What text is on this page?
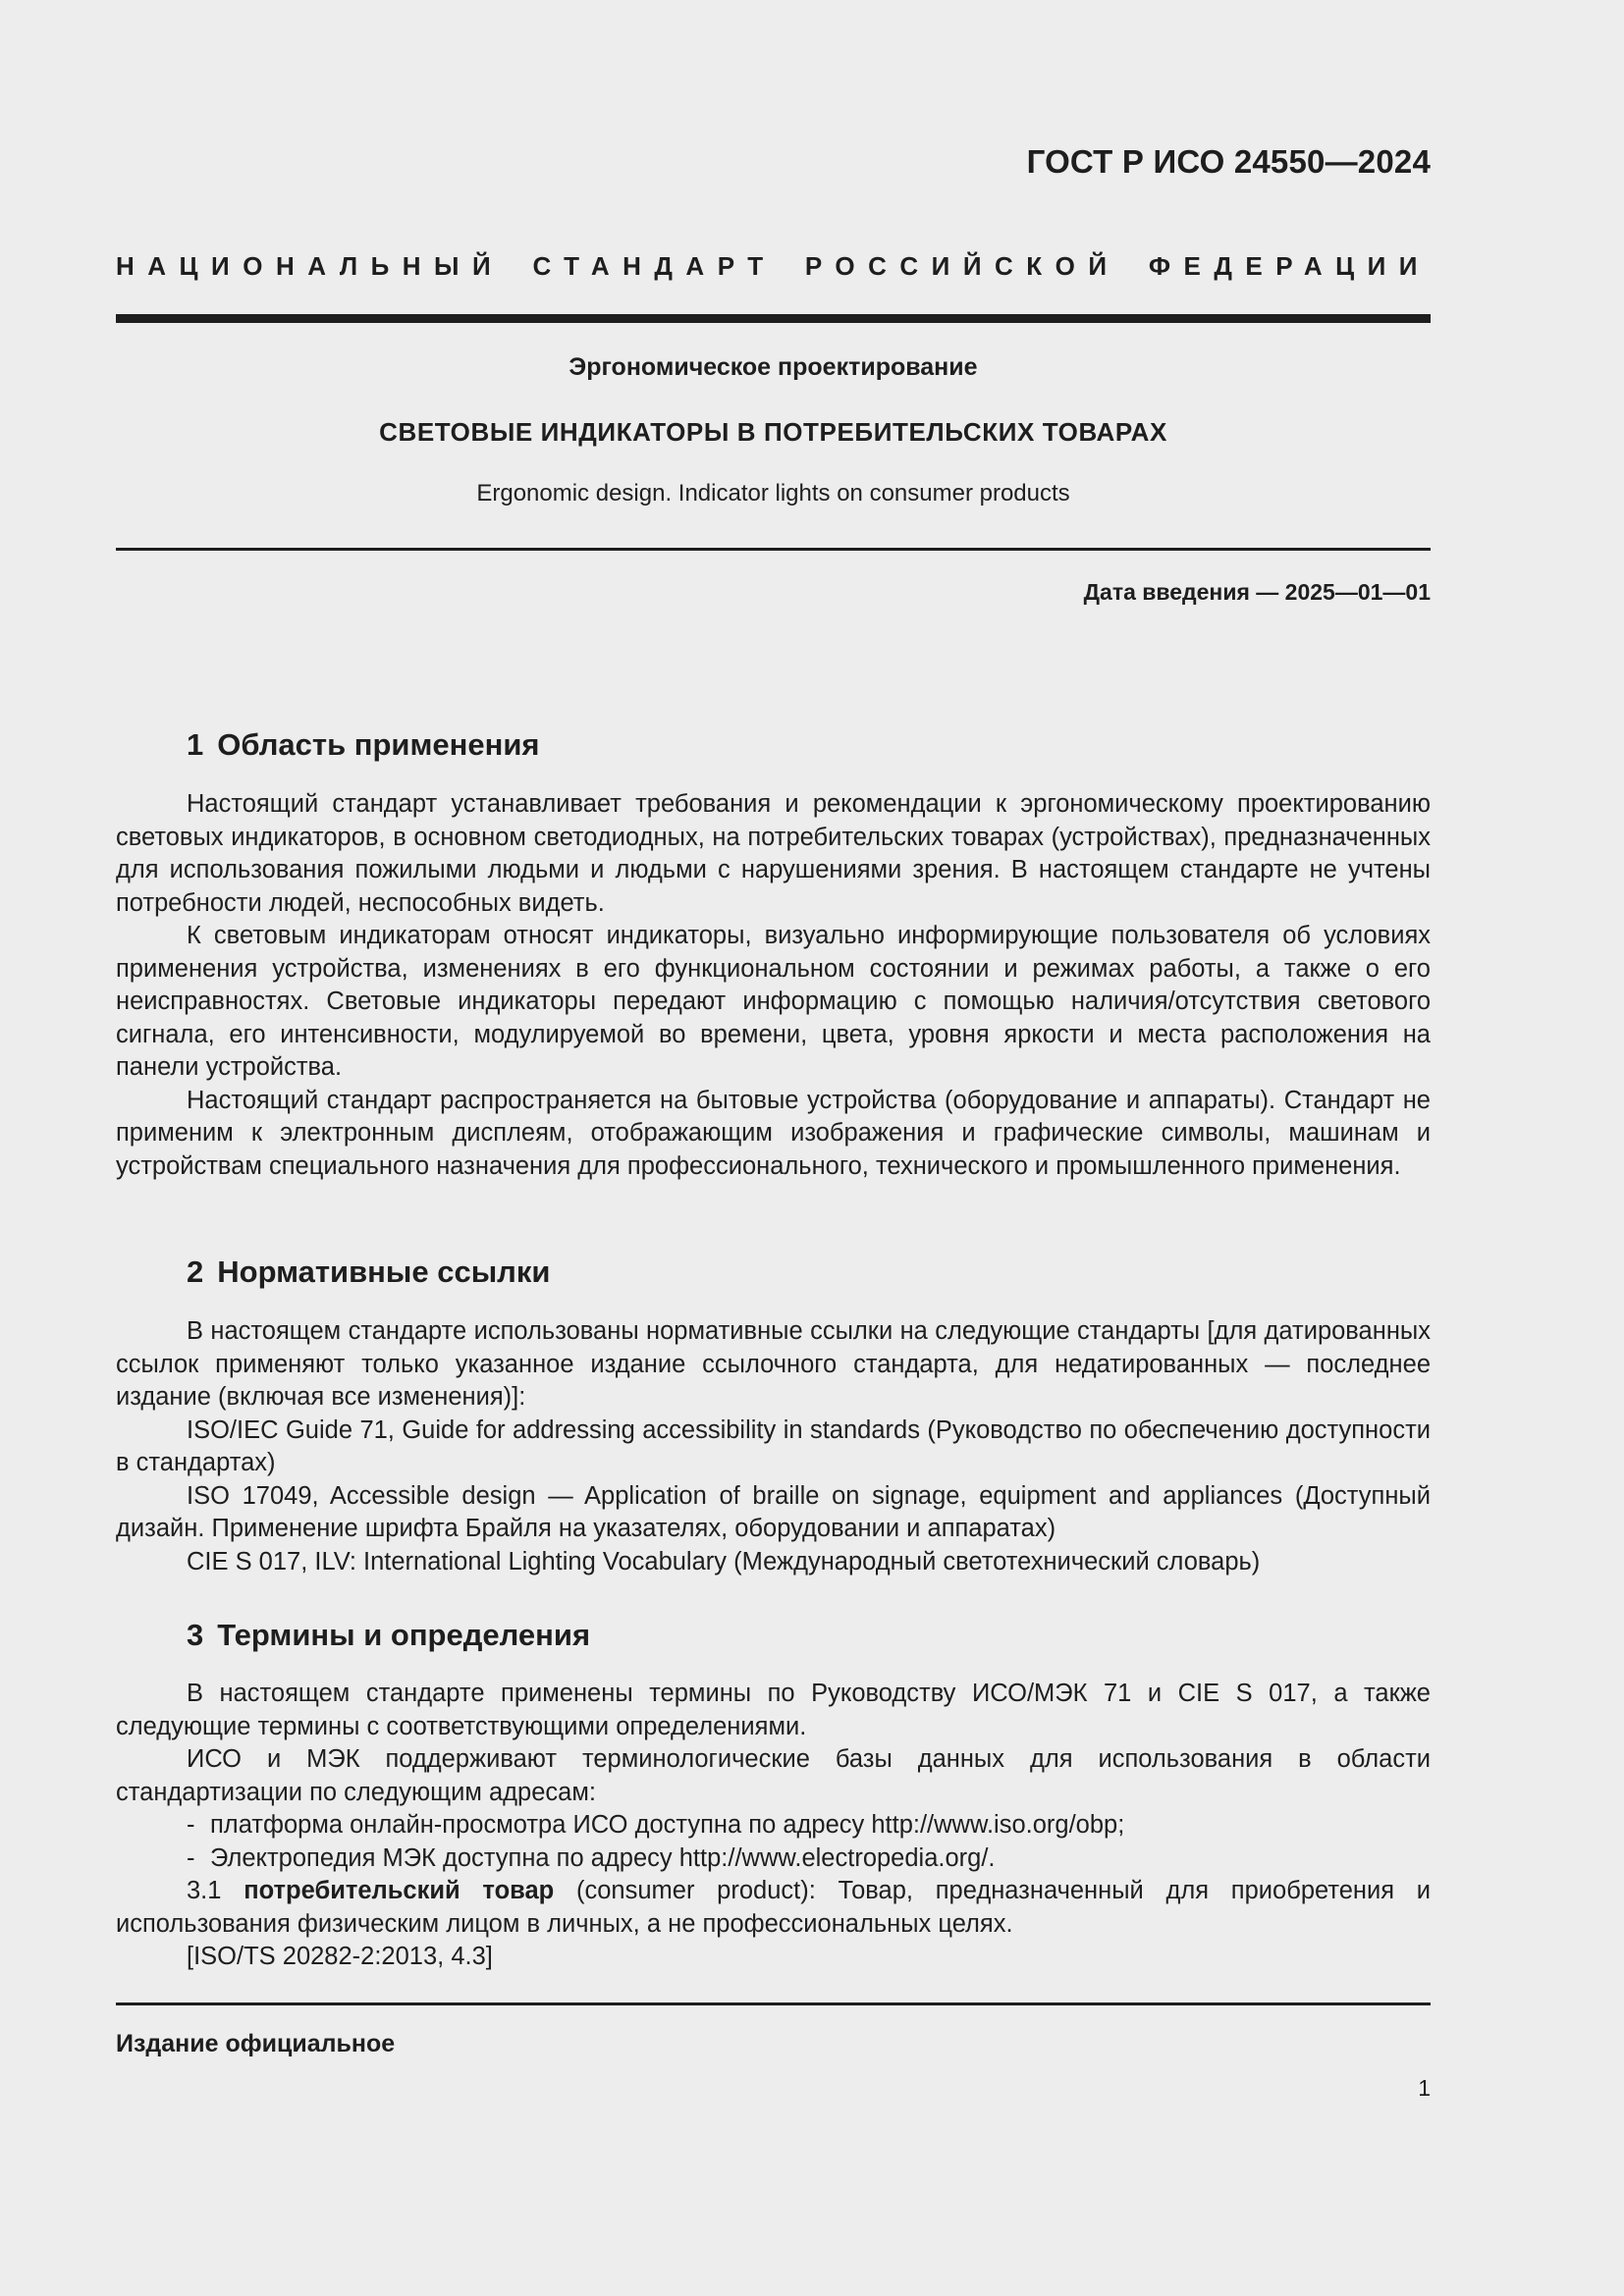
ГОСТ Р ИСО 24550—2024
НАЦИОНАЛЬНЫЙ СТАНДАРТ РОССИЙСКОЙ ФЕДЕРАЦИИ
Эргономическое проектирование
СВЕТОВЫЕ ИНДИКАТОРЫ В ПОТРЕБИТЕЛЬСКИХ ТОВАРАХ
Ergonomic design. Indicator lights on consumer products
Дата введения — 2025—01—01
1 Область применения

Настоящий стандарт устанавливает требования и рекомендации к эргономическому проектированию световых индикаторов, в основном светодиодных, на потребительских товарах (устройствах), предназначенных для использования пожилыми людьми и людьми с нарушениями зрения. В настоящем стандарте не учтены потребности людей, неспособных видеть.

К световым индикаторам относят индикаторы, визуально информирующие пользователя об условиях применения устройства, изменениях в его функциональном состоянии и режимах работы, а также о его неисправностях. Световые индикаторы передают информацию с помощью наличия/отсутствия светового сигнала, его интенсивности, модулируемой во времени, цвета, уровня яркости и места расположения на панели устройства.

Настоящий стандарт распространяется на бытовые устройства (оборудование и аппараты). Стандарт не применим к электронным дисплеям, отображающим изображения и графические символы, машинам и устройствам специального назначения для профессионального, технического и промышленного применения.

2 Нормативные ссылки

В настоящем стандарте использованы нормативные ссылки на следующие стандарты [для датированных ссылок применяют только указанное издание ссылочного стандарта, для недатированных — последнее издание (включая все изменения)]:

ISO/IEC Guide 71, Guide for addressing accessibility in standards (Руководство по обеспечению доступности в стандартах)

ISO 17049, Accessible design — Application of braille on signage, equipment and appliances (Доступный дизайн. Применение шрифта Брайля на указателях, оборудовании и аппаратах)

CIE S 017, ILV: International Lighting Vocabulary (Международный светотехнический словарь)

3 Термины и определения

В настоящем стандарте применены термины по Руководству ИСО/МЭК 71 и CIE S 017, а также следующие термины с соответствующими определениями.

ИСО и МЭК поддерживают терминологические базы данных для использования в области стандартизации по следующим адресам:

- платформа онлайн-просмотра ИСО доступна по адресу http://www.iso.org/obp;
- Электропедия МЭК доступна по адресу http://www.electropedia.org/.

3.1 потребительский товар (consumer product): Товар, предназначенный для приобретения и использования физическим лицом в личных, а не профессиональных целях.

[ISO/TS 20282-2:2013, 4.3]

Издание официальное
1
